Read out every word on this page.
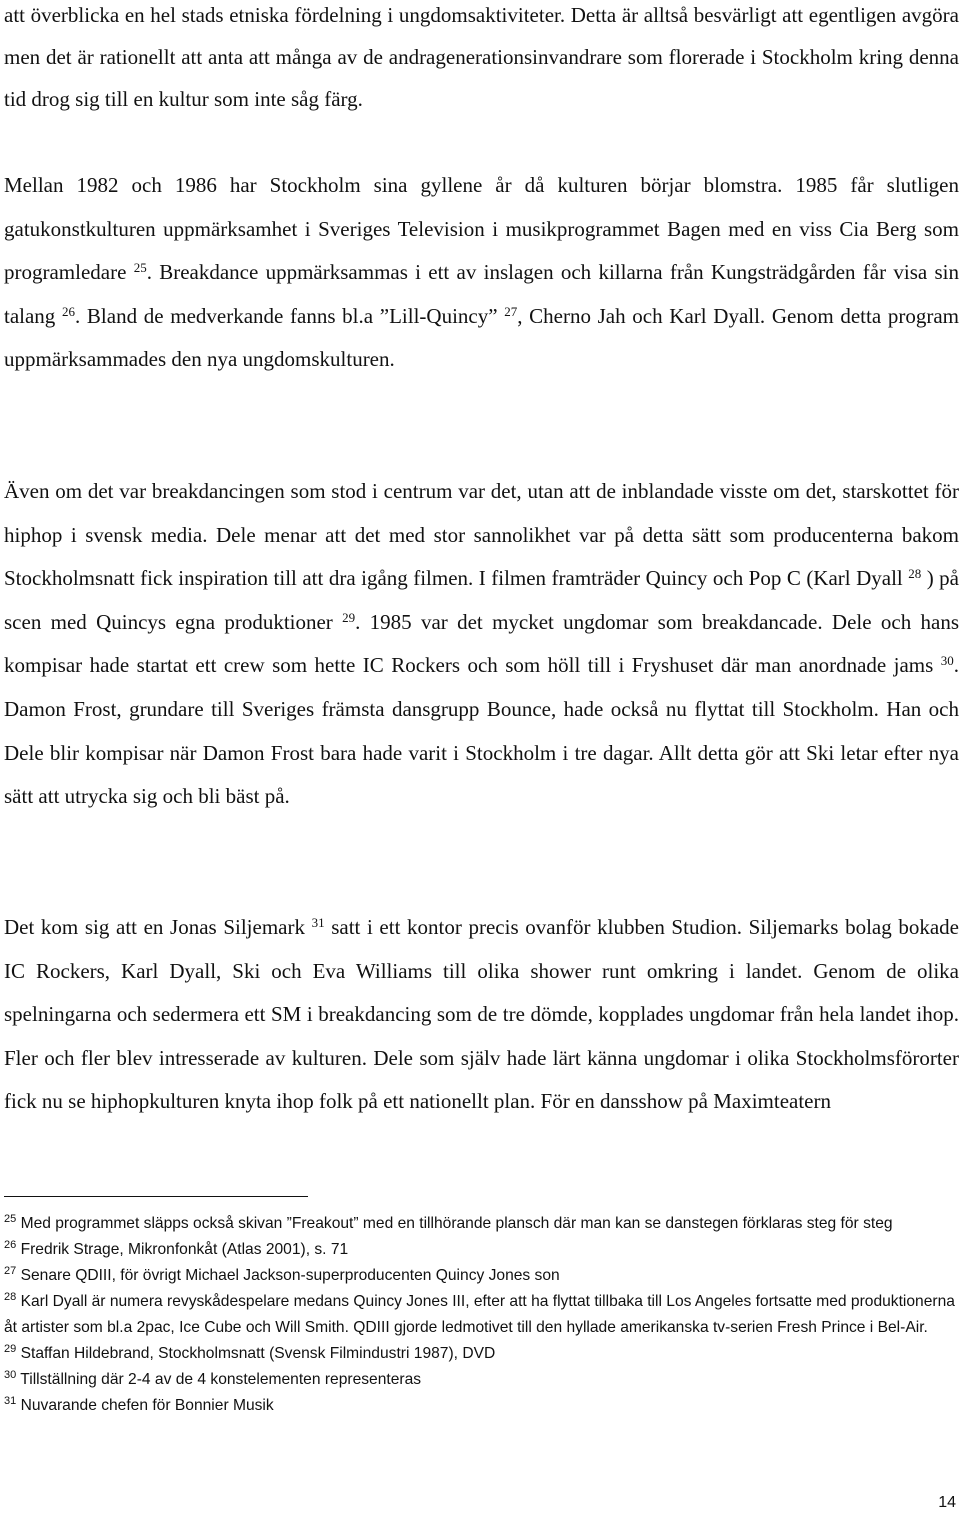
att överblicka en hel stads etniska fördelning i ungdomsaktiviteter. Detta är alltså besvärligt att egentligen avgöra men det är rationellt att anta att många av de andragenerationsinvandrare som florerade i Stockholm kring denna tid drog sig till en kultur som inte såg färg.

Mellan 1982 och 1986 har Stockholm sina gyllene år då kulturen börjar blomstra. 1985 får slutligen gatukonstkulturen uppmärksamhet i Sveriges Television i musikprogrammet Bagen med en viss Cia Berg som programledare $^{25}$. Breakdance uppmärksammas i ett av inslagen och killarna från Kungsträdgården får visa sin talang $^{26}$. Bland de medverkande fanns bl.a ”Lill-Quincy” $^{27}$, Cherno Jah och Karl Dyall. Genom detta program uppmärksammades den nya ungdomskulturen.

Även om det var breakdancingen som stod i centrum var det, utan att de inblandade visste om det, starskottet för hiphop i svensk media. Dele menar att det med stor sannolikhet var på detta sätt som producenterna bakom Stockholmsnatt fick inspiration till att dra igång filmen. I filmen framträder Quincy och Pop C (Karl Dyall $^{28}$ ) på scen med Quincys egna produktioner $^{29}$. 1985 var det mycket ungdomar som breakdancade. Dele och hans kompisar hade startat ett crew som hette IC Rockers och som höll till i Fryshuset där man anordnade jams $^{30}$. Damon Frost, grundare till Sveriges främsta dansgrupp Bounce, hade också nu flyttat till Stockholm. Han och Dele blir kompisar när Damon Frost bara hade varit i Stockholm i tre dagar. Allt detta gör att Ski letar efter nya sätt att utrycka sig och bli bäst på.

Det kom sig att en Jonas Siljemark $^{31}$ satt i ett kontor precis ovanför klubben Studion. Siljemarks bolag bokade IC Rockers, Karl Dyall, Ski och Eva Williams till olika shower runt omkring i landet. Genom de olika spelningarna och sedermera ett SM i breakdancing som de tre dömde, kopplades ungdomar från hela landet ihop. Fler och fler blev intresserade av kulturen. Dele som själv hade lärt känna ungdomar i olika Stockholmsförorter fick nu se hiphopkulturen knyta ihop folk på ett nationellt plan. För en dansshow på Maximteatern

$^{25}$ Med programmet släpps också skivan ”Freakout” med en tillhörande plansch där man kan se danstegen förklaras steg för steg
$^{26}$ Fredrik Strage, Mikronfonkåt (Atlas 2001), s. 71
$^{27}$ Senare QDIII, för övrigt Michael Jackson-superproducenten Quincy Jones son
$^{28}$ Karl Dyall är numera revyskådespelare medans Quincy Jones III, efter att ha flyttat tillbaka till Los Angeles fortsatte med produktionerna åt artister som bl.a 2pac, Ice Cube och Will Smith. QDIII gjorde ledmotivet till den hyllade amerikanska tv-serien Fresh Prince i Bel-Air.
$^{29}$ Staffan Hildebrand, Stockholmsnatt (Svensk Filmindustri 1987), DVD
$^{30}$ Tillställning där 2-4 av de 4 konstelementen representeras
$^{31}$ Nuvarande chefen för Bonnier Musik
14
